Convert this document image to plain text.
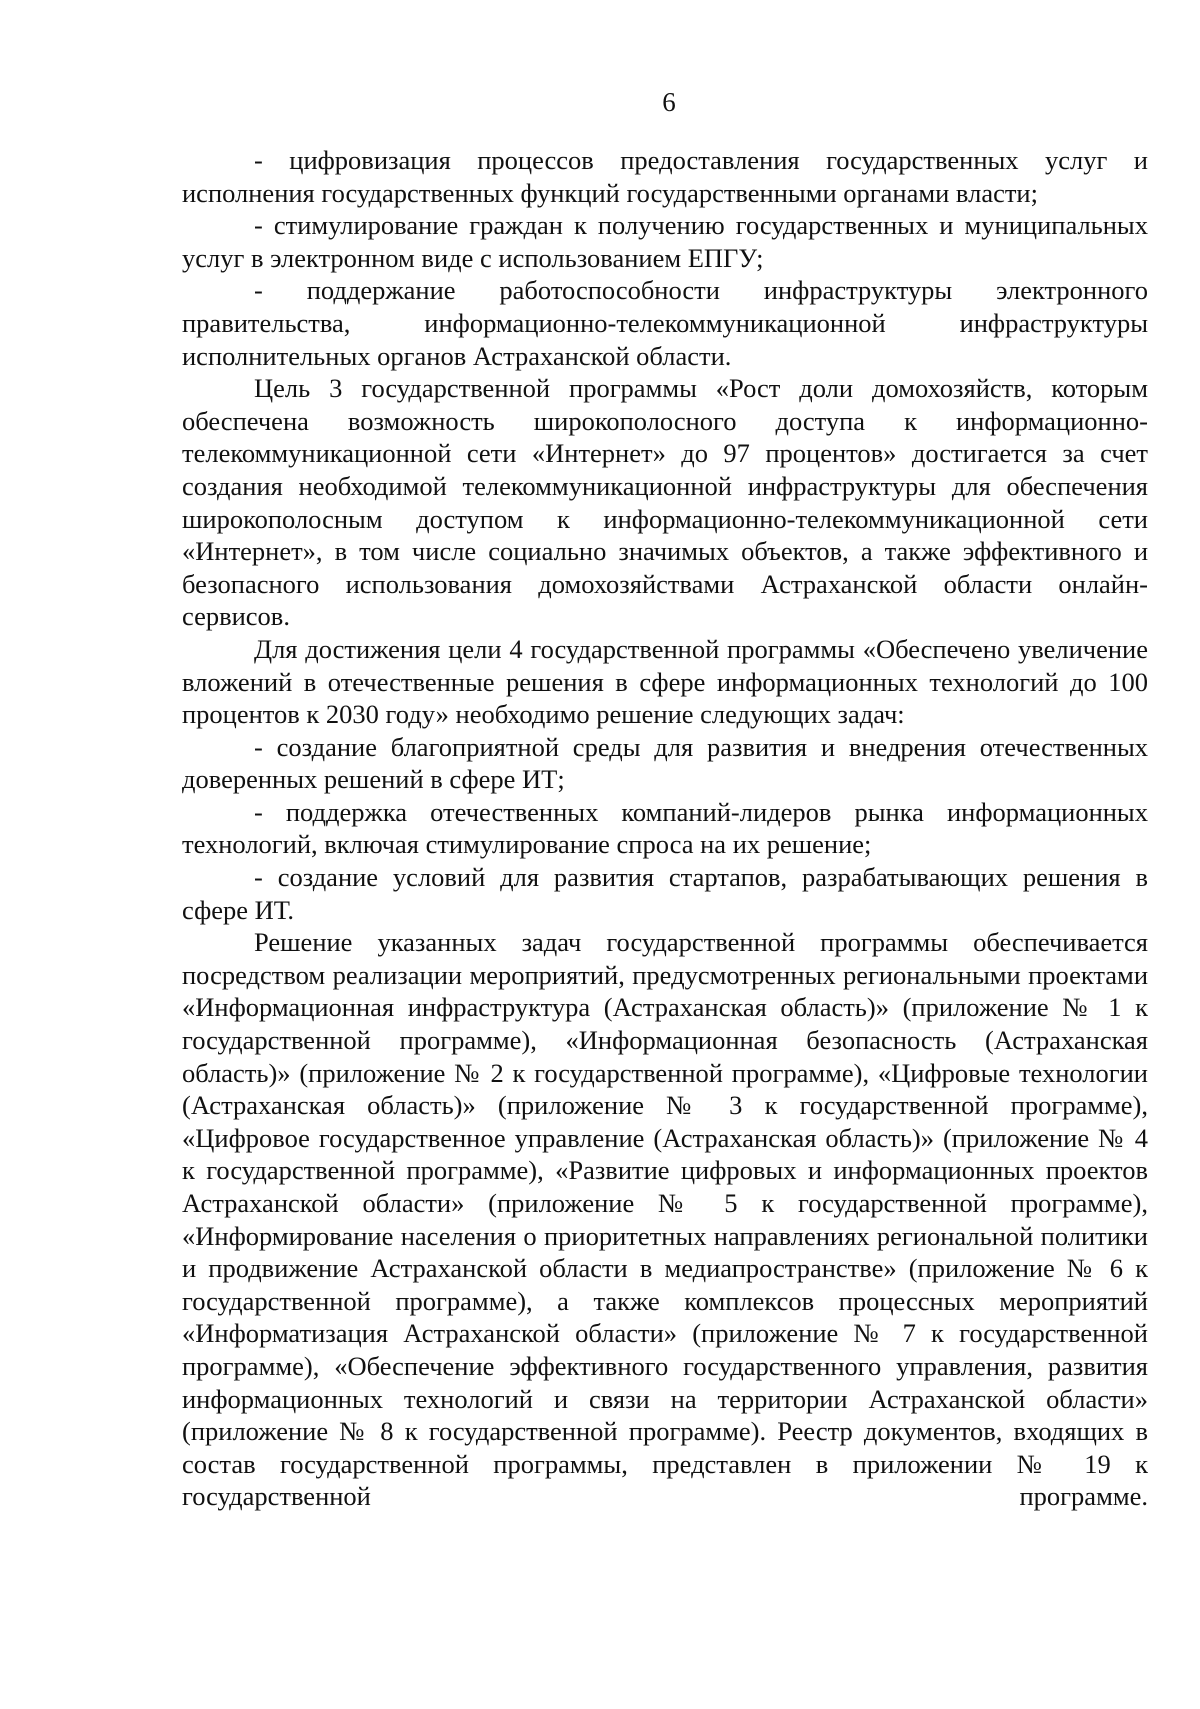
6

- цифровизация процессов предоставления государственных услуг и исполнения государственных функций государственными органами власти;

- стимулирование граждан к получению государственных и муниципальных услуг в электронном виде с использованием ЕПГУ;

- поддержание работоспособности инфраструктуры электронного правительства, информационно-телекоммуникационной инфраструктуры исполнительных органов Астраханской области.

Цель 3 государственной программы «Рост доли домохозяйств, которым обеспечена возможность широкополосного доступа к информационно-телекоммуникационной сети «Интернет» до 97 процентов» достигается за счет создания необходимой телекоммуникационной инфраструктуры для обеспечения широкополосным доступом к информационно-телекоммуникационной сети «Интернет», в том числе социально значимых объектов, а также эффективного и безопасного использования домохозяйствами Астраханской области онлайн-сервисов.

Для достижения цели 4 государственной программы «Обеспечено увеличение вложений в отечественные решения в сфере информационных технологий до 100 процентов к 2030 году» необходимо решение следующих задач:

- создание благоприятной среды для развития и внедрения отечественных доверенных решений в сфере ИТ;

- поддержка отечественных компаний-лидеров рынка информационных технологий, включая стимулирование спроса на их решение;

- создание условий для развития стартапов, разрабатывающих решения в сфере ИТ.

Решение указанных задач государственной программы обеспечивается посредством реализации мероприятий, предусмотренных региональными проектами «Информационная инфраструктура (Астраханская область)» (приложение № 1 к государственной программе), «Информационная безопасность (Астраханская область)» (приложение № 2 к государственной программе), «Цифровые технологии (Астраханская область)» (приложение № 3 к государственной программе), «Цифровое государственное управление (Астраханская область)» (приложение № 4 к государственной программе), «Развитие цифровых и информационных проектов Астраханской области» (приложение № 5 к государственной программе), «Информирование населения о приоритетных направлениях региональной политики и продвижение Астраханской области в медиапространстве» (приложение № 6 к государственной программе), а также комплексов процессных мероприятий «Информатизация Астраханской области» (приложение № 7 к государственной программе), «Обеспечение эффективного государственного управления, развития информационных технологий и связи на территории Астраханской области» (приложение № 8 к государственной программе). Реестр документов, входящих в состав государственной программы, представлен в приложении № 19 к государственной программе.
